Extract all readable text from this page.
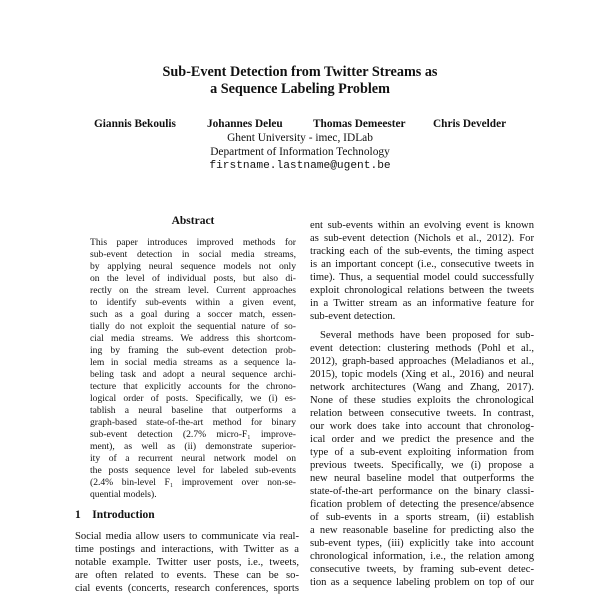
Sub-Event Detection from Twitter Streams as
a Sequence Labeling Problem
Giannis Bekoulis	Johannes Deleu	Thomas Demeester Chris Develder
Ghent University - imec, IDLab
Department of Information Technology
firstname.lastname@ugent.be
Abstract
This paper introduces improved methods for
sub-event detection in social media streams,
by applying neural sequence models not only
on the level of individual posts, but also di-
rectly on the stream level. Current approaches
to identify sub-events within a given event,
such as a goal during a soccer match, essen-
tially do not exploit the sequential nature of so-
cial media streams. We address this shortcom-
ing by framing the sub-event detection prob-
lem in social media streams as a sequence la-
beling task and adopt a neural sequence archi-
tecture that explicitly accounts for the chrono-
logical order of posts. Specifically, we (i) es-
tablish a neural baseline that outperforms a
graph-based state-of-the-art method for binary
sub-event detection (2.7% micro-F₁ improve-
ment), as well as (ii) demonstrate superior-
ity of a recurrent neural network model on
the posts sequence level for labeled sub-events
(2.4% bin-level F₁ improvement over non-se-
quential models).
1 Introduction
Social media allow users to communicate via real-
time postings and interactions, with Twitter as a
notable example. Twitter user posts, i.e., tweets,
are often related to events. These can be so-
cial events (concerts, research conferences, sports
ent sub-events within an evolving event is known
as sub-event detection (Nichols et al., 2012). For
tracking each of the sub-events, the timing aspect
is an important concept (i.e., consecutive tweets in
time). Thus, a sequential model could successfully
exploit chronological relations between the tweets
in a Twitter stream as an informative feature for
sub-event detection.
Several methods have been proposed for sub-
event detection: clustering methods (Pohl et al.,
2012), graph-based approaches (Meladianos et al.,
2015), topic models (Xing et al., 2016) and neural
network architectures (Wang and Zhang, 2017).
None of these studies exploits the chronological
relation between consecutive tweets. In contrast,
our work does take into account that chronolog-
ical order and we predict the presence and the
type of a sub-event exploiting information from
previous tweets. Specifically, we (i) propose a
new neural baseline model that outperforms the
state-of-the-art performance on the binary classi-
fication problem of detecting the presence/absence
of sub-events in a sports stream, (ii) establish
a new reasonable baseline for predicting also the
sub-event types, (iii) explicitly take into account
chronological information, i.e., the relation among
consecutive tweets, by framing sub-event detec-
tion as a sequence labeling problem on top of our
